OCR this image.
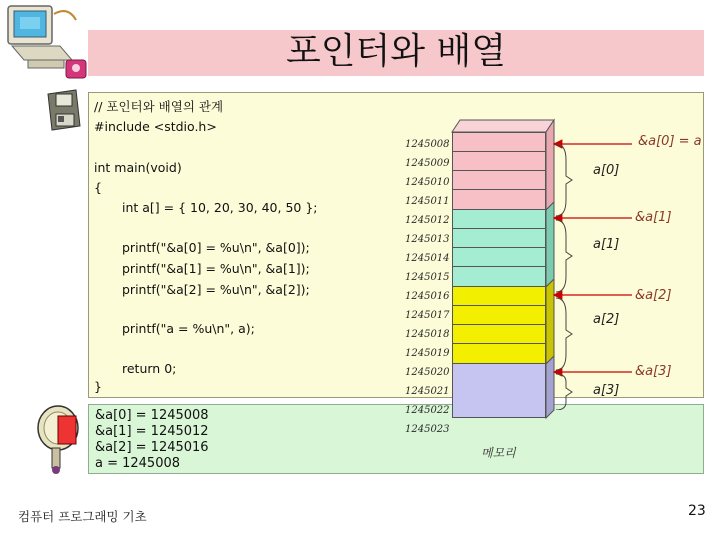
포인터와 배열
// 포인터와 배열의 관계
#include <stdio.h>
int main(void)
{
int a[] = { 10, 20, 30, 40, 50 };
printf("&a[0] = %u\n", &a[0]);
printf("&a[1] = %u\n", &a[1]);
printf("&a[2] = %u\n", &a[2]);
printf("a = %u\n", a);
return 0;
}
&a[0] = 1245008
&a[1] = 1245012
&a[2] = 1245016
a = 1245008
1245008
1245009
1245010
1245011
1245012
1245013
1245014
1245015
1245016
1245017
1245018
1245019
1245020
1245021
1245022
1245023
&a[0] = a
&a[1]
&a[2]
&a[3]
a[0]
a[1]
a[2]
a[3]
메모리
컴퓨터 프로그래밍 기초	23
